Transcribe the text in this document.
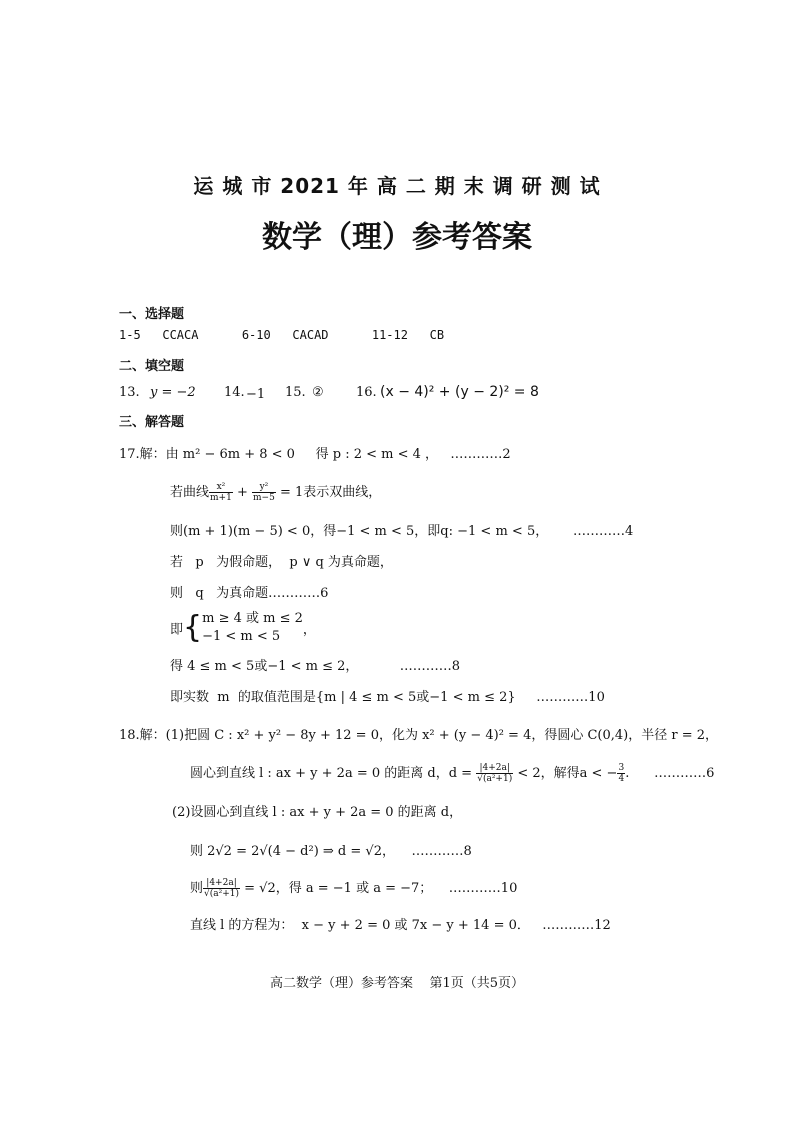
运 城 市 2021 年 高 二 期 末 调 研 测 试
数学（理）参考答案
一、选择题
1-5   CCACA      6-10   CACAD      11-12   CB
二、填空题
13. y = −2 14. −1 15. ② 16. (x − 4)² + (y − 2)² = 8
三、解答题
17.解：由 m² − 6m + 8 < 0     得 p : 2 < m < 4 ，   …………2
若曲线 $\frac{\text{x²}}{m+1} + \frac{\text{y²}}{m-5} = 1$表示双曲线，
则(m + 1)(m − 5) < 0，得−1 < m < 5，即q: −1 < m < 5，      …………4
若   p   为假命题，  p ∨ q 为真命题，
则   q   为真命题…………6
即{ m ≥ 4 或 m ≤ 2
−1 < m < 5	，
得 4 ≤ m < 5或−1 < m ≤ 2，          …………8
即实数  m  的取值范围是{m | 4 ≤ m < 5或−1 < m ≤ 2}     …………10
18.解：(1)把圆 C : x² + y² − 8y + 12 = 0，化为 x² + (y − 4)² = 4，得圆心 C(0,4)，半径 r = 2，
圆心到直线 l : ax + y + 2a = 0 的距离 d，$d = \frac{|4+2a|}{\text{√(a²+1)}} < 2$，解得a < − $\frac{3}{4}$ .      …………6
(2)设圆心到直线 l : ax + y + 2a = 0 的距离 d，
则 2√2 = 2√(4 − d²) ⇒ d = √2，    …………8
则 $\frac{|4+2a|}{\text{√(a²+1)}} = √2$，得 a = −1 或 a = −7；    …………10
直线 l 的方程为：  x − y + 2 = 0 或 7x − y + 14 = 0．   …………12
高二数学（理）参考答案    第1页（共5页）
